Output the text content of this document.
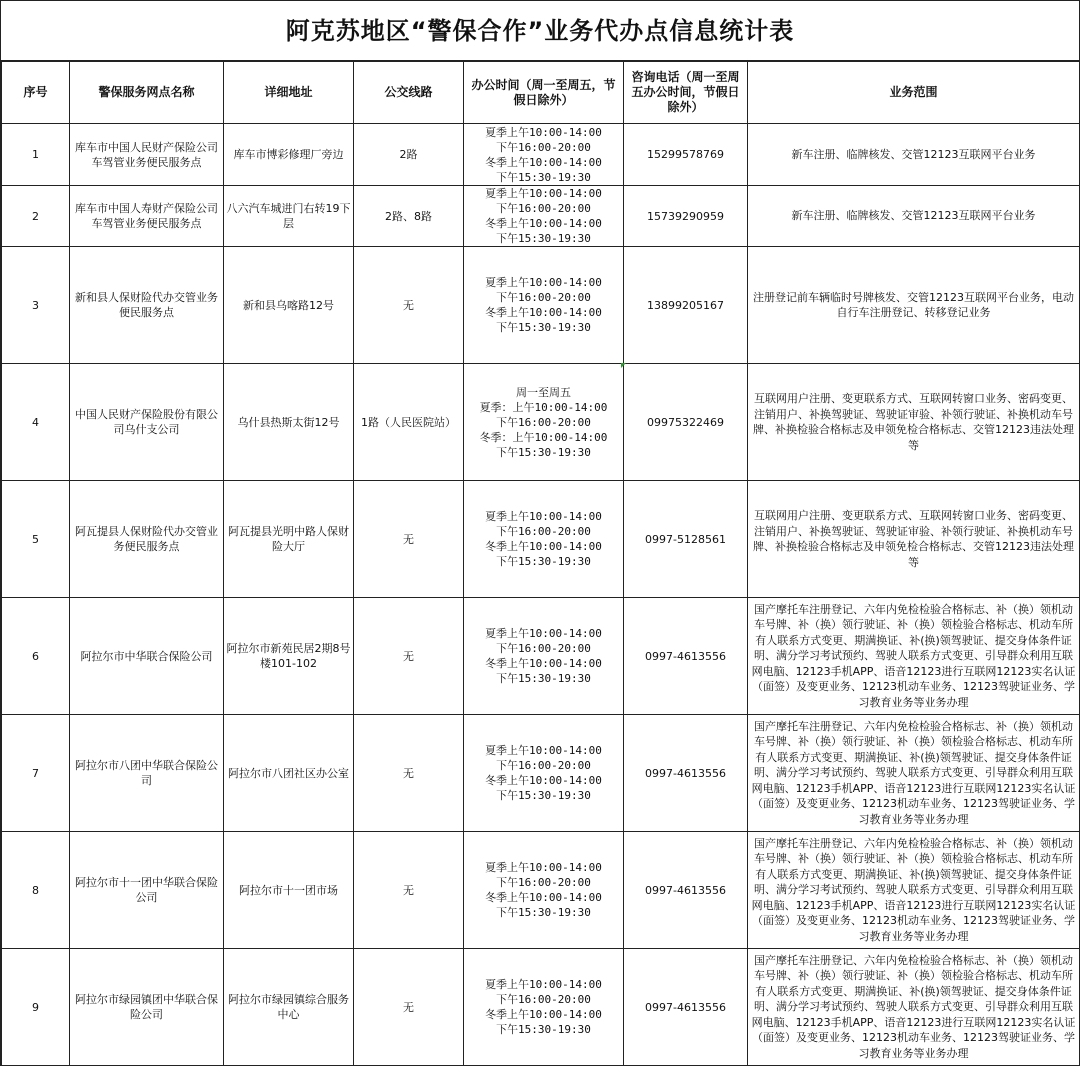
阿克苏地区“警保合作”业务代办点信息统计表
序号	警保服务网点名称	详细地址	公交线路	办公时间（周一至周五，节假日除外）	咨询电话（周一至周五办公时间，节假日除外）	业务范围
1	库车市中国人民财产保险公司车驾管业务便民服务点	库车市博彩修理厂旁边	2路	夏季上午10:00-14:00
下午16:00-20:00
冬季上午10:00-14:00
下午15:30-19:30	15299578769	新车注册、临牌核发、交管12123互联网平台业务
2	库车市中国人寿财产保险公司车驾管业务便民服务点	八六汽车城进门右转19下层	2路、8路	夏季上午10:00-14:00
下午16:00-20:00
冬季上午10:00-14:00
下午15:30-19:30	15739290959	新车注册、临牌核发、交管12123互联网平台业务
3	新和县人保财险代办交管业务便民服务点	新和县乌喀路12号	无	夏季上午10:00-14:00
下午16:00-20:00
冬季上午10:00-14:00
下午15:30-19:30	13899205167	注册登记前车辆临时号牌核发、交管12123互联网平台业务，电动自行车注册登记、转移登记业务
4	中国人民财产保险股份有限公司乌什支公司	乌什县热斯太街12号	1路（人民医院站）	周一至周五
夏季：上午10:00-14:00
下午16:00-20:00
冬季：上午10:00-14:00
下午15:30-19:30	09975322469	互联网用户注册、变更联系方式、互联网转窗口业务、密码变更、注销用户、补换驾驶证、驾驶证审验、补领行驶证、补换机动车号牌、补换检验合格标志及申领免检合格标志、交管12123违法处理等
5	阿瓦提县人保财险代办交管业务便民服务点	阿瓦提县光明中路人保财险大厅	无	夏季上午10:00-14:00
下午16:00-20:00
冬季上午10:00-14:00
下午15:30-19:30	0997-5128561	互联网用户注册、变更联系方式、互联网转窗口业务、密码变更、注销用户、补换驾驶证、驾驶证审验、补领行驶证、补换机动车号牌、补换检验合格标志及申领免检合格标志、交管12123违法处理等
6	阿拉尔市中华联合保险公司	阿拉尔市新苑民居2期8号楼101-102	无	夏季上午10:00-14:00
下午16:00-20:00
冬季上午10:00-14:00
下午15:30-19:30	0997-4613556	国产摩托车注册登记、六年内免检检验合格标志、补（换）领机动车号牌、补（换）领行驶证、补（换）领检验合格标志、机动车所有人联系方式变更、期满换证、补(换)领驾驶证、提交身体条件证明、满分学习考试预约、驾驶人联系方式变更、引导群众利用互联网电脑、12123手机APP、语音12123进行互联网12123实名认证（面签）及变更业务、12123机动车业务、12123驾驶证业务、学习教育业务等业务办理
7	阿拉尔市八团中华联合保险公司	阿拉尔市八团社区办公室	无	夏季上午10:00-14:00
下午16:00-20:00
冬季上午10:00-14:00
下午15:30-19:30	0997-4613556	国产摩托车注册登记、六年内免检检验合格标志、补（换）领机动车号牌、补（换）领行驶证、补（换）领检验合格标志、机动车所有人联系方式变更、期满换证、补(换)领驾驶证、提交身体条件证明、满分学习考试预约、驾驶人联系方式变更、引导群众利用互联网电脑、12123手机APP、语音12123进行互联网12123实名认证（面签）及变更业务、12123机动车业务、12123驾驶证业务、学习教育业务等业务办理
8	阿拉尔市十一团中华联合保险公司	阿拉尔市十一团市场	无	夏季上午10:00-14:00
下午16:00-20:00
冬季上午10:00-14:00
下午15:30-19:30	0997-4613556	国产摩托车注册登记、六年内免检检验合格标志、补（换）领机动车号牌、补（换）领行驶证、补（换）领检验合格标志、机动车所有人联系方式变更、期满换证、补(换)领驾驶证、提交身体条件证明、满分学习考试预约、驾驶人联系方式变更、引导群众利用互联网电脑、12123手机APP、语音12123进行互联网12123实名认证（面签）及变更业务、12123机动车业务、12123驾驶证业务、学习教育业务等业务办理
9	阿拉尔市绿园镇团中华联合保险公司	阿拉尔市绿园镇综合服务中心	无	夏季上午10:00-14:00
下午16:00-20:00
冬季上午10:00-14:00
下午15:30-19:30	0997-4613556	国产摩托车注册登记、六年内免检检验合格标志、补（换）领机动车号牌、补（换）领行驶证、补（换）领检验合格标志、机动车所有人联系方式变更、期满换证、补(换)领驾驶证、提交身体条件证明、满分学习考试预约、驾驶人联系方式变更、引导群众利用互联网电脑、12123手机APP、语音12123进行互联网12123实名认证（面签）及变更业务、12123机动车业务、12123驾驶证业务、学习教育业务等业务办理
